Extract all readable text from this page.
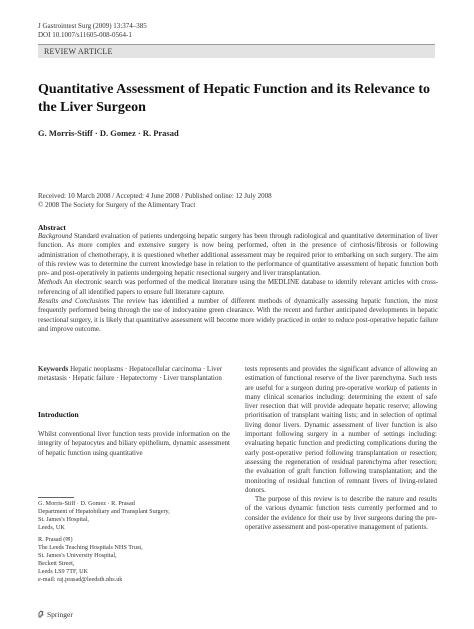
J Gastrointest Surg (2009) 13:374–385
DOI 10.1007/s11605-008-0564-1
REVIEW ARTICLE
Quantitative Assessment of Hepatic Function and its Relevance to the Liver Surgeon
G. Morris-Stiff · D. Gomez · R. Prasad
Received: 10 March 2008 / Accepted: 4 June 2008 / Published online: 12 July 2008
© 2008 The Society for Surgery of the Alimentary Tract
Abstract

Background Standard evaluation of patients undergoing hepatic surgery has been through radiological and quantitative determination of liver function. As more complex and extensive surgery is now being performed, often in the presence of cirrhosis/fibrosis or following administration of chemotherapy, it is questioned whether additional assessment may be required prior to embarking on such surgery. The aim of this review was to determine the current knowledge base in relation to the performance of quantitative assessment of hepatic function both pre- and post-operatively in patients undergoing hepatic resectional surgery and liver transplantation.

Methods An electronic search was performed of the medical literature using the MEDLINE database to identify relevant articles with cross-referencing of all identified papers to ensure full literature capture.

Results and Conclusions The review has identified a number of different methods of dynamically assessing hepatic function, the most frequently performed being through the use of indocyanine green clearance. With the recent and further anticipated developments in hepatic resectional surgery, it is likely that quantitative assessment will become more widely practiced in order to reduce post-operative hepatic failure and improve outcome.

Keywords Hepatic neoplasms · Hepatocellular carcinoma · Liver metastasis · Hepatic failure · Hepatectomy · Liver transplantation
Introduction

Whilst conventional liver function tests provide information on the integrity of hepatocytes and biliary epithelium, dynamic assessment of hepatic function using quantitative

G. Morris-Stiff · D. Gomez · R. Prasad
Department of Hepatobiliary and Transplant Surgery,
St. James's Hospital,
Leeds, UK
R. Prasad (✉)
The Leeds Teaching Hospitals NHS Trust,
St. James's University Hospital,
Beckett Street,
Leeds LS9 7TF, UK
e-mail: raj.prasad@leedsth.nhs.uk

tests represents and provides the significant advance of allowing an estimation of functional reserve of the liver parenchyma. Such tests are useful for a surgeon during pre-operative workup of patients in many clinical scenarios including: determining the extent of safe liver resection that will provide adequate hepatic reserve; allowing prioritisation of transplant waiting lists; and in selection of optimal living donor livers. Dynamic assessment of liver function is also important following surgery in a number of settings including: evaluating hepatic function and predicting complications during the early post-operative period following transplantation or resection; assessing the regeneration of residual parenchyma after resection; the evaluation of graft function following transplantation; and the monitoring of residual function of remnant livers of living-related donors.

The purpose of this review is to describe the nature and results of the various dynamic function tests currently performed and to consider the evidence for their use by liver surgeons during the pre-operative assessment and post-operative management of patients.

Springer
